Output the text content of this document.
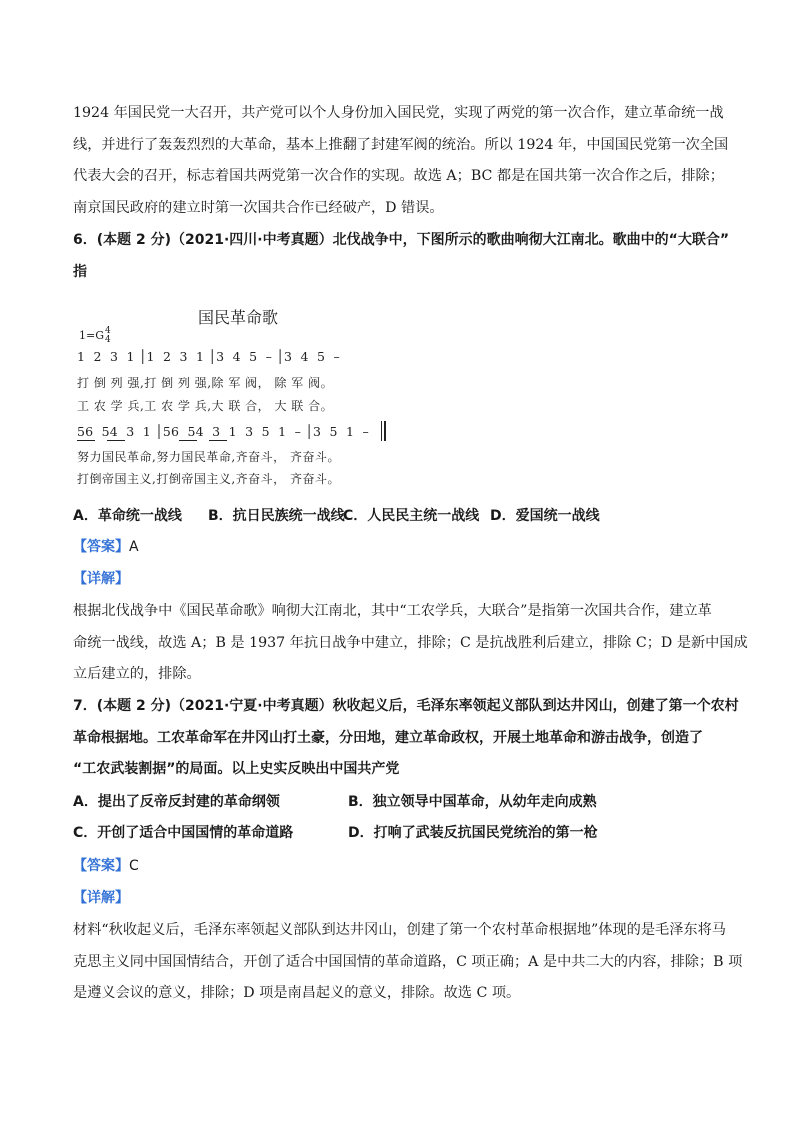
1924 年国民党一大召开，共产党可以个人身份加入国民党，实现了两党的第一次合作，建立革命统一战
线，并进行了轰轰烈烈的大革命，基本上推翻了封建军阀的统治。所以 1924 年，中国国民党第一次全国
代表大会的召开，标志着国共两党第一次合作的实现。故选 A；BC 都是在国共第一次合作之后，排除；
南京国民政府的建立时第一次国共合作已经破产，D 错误。
6．(本题 2 分)（2021·四川·中考真题）北伐战争中，下图所示的歌曲响彻大江南北。歌曲中的“大联合”
指
国民革命歌
1=G4
4
1  2  3  1 │1  2  3  1 │3  4  5  – │3  4  5  –
打 倒 列 强,打 倒 列 强,除 军 阀， 除 军 阀。
工 农 学 兵,工 农 学 兵,大 联 合， 大 联 合。
56  54  3  1 │56  54  3  1  3  5  1  – │3  5  1  –
努力国民革命,努力国民革命,齐奋斗， 齐奋斗。
打倒帝国主义,打倒帝国主义,齐奋斗， 齐奋斗。
A．革命统一战线 B．抗日民族统一战线
C．人民民主统一战线 D．爱国统一战线
【答案】A
【详解】
根据北伐战争中《国民革命歌》响彻大江南北，其中“工农学兵，大联合”是指第一次国共合作，建立革
命统一战线，故选 A；B 是 1937 年抗日战争中建立，排除；C 是抗战胜利后建立，排除 C；D 是新中国成
立后建立的，排除。
7．(本题 2 分)（2021·宁夏·中考真题）秋收起义后，毛泽东率领起义部队到达井冈山，创建了第一个农村
革命根据地。工农革命军在井冈山打土豪，分田地，建立革命政权，开展土地革命和游击战争，创造了
“工农武装割据”的局面。以上史实反映出中国共产党
A．提出了反帝反封建的革命纲领	B．独立领导中国革命，从幼年走向成熟
C．开创了适合中国国情的革命道路	D．打响了武装反抗国民党统治的第一枪
【答案】C
【详解】
材料“秋收起义后，毛泽东率领起义部队到达井冈山，创建了第一个农村革命根据地”体现的是毛泽东将马
克思主义同中国国情结合，开创了适合中国国情的革命道路，C 项正确；A 是中共二大的内容，排除；B 项
是遵义会议的意义，排除；D 项是南昌起义的意义，排除。故选 C 项。
